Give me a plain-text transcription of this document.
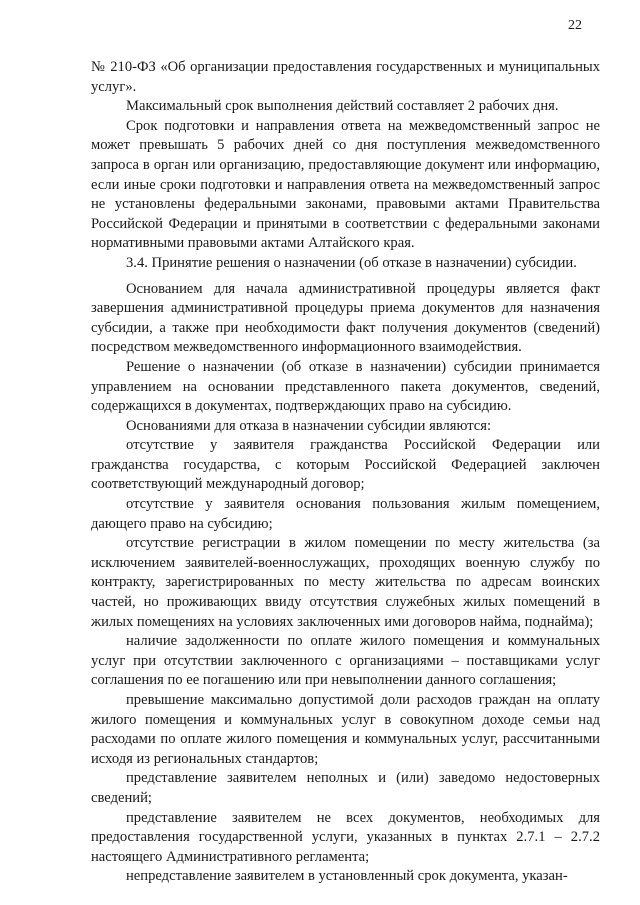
22

№ 210-ФЗ «Об организации предоставления государственных и муниципальных услуг».

Максимальный срок выполнения действий составляет 2 рабочих дня.

Срок подготовки и направления ответа на межведомственный запрос не может превышать 5 рабочих дней со дня поступления межведомственного запроса в орган или организацию, предоставляющие документ или информацию, если иные сроки подготовки и направления ответа на межведомственный запрос не установлены федеральными законами, правовыми актами Правительства Российской Федерации и принятыми в соответствии с федеральными законами нормативными правовыми актами Алтайского края.

3.4. Принятие решения о назначении (об отказе в назначении) субсидии.

Основанием для начала административной процедуры является факт завершения административной процедуры приема документов для назначения субсидии, а также при необходимости факт получения документов (сведений) посредством межведомственного информационного взаимодействия.

Решение о назначении (об отказе в назначении) субсидии принимается управлением на основании представленного пакета документов, сведений, содержащихся в документах, подтверждающих право на субсидию.

Основаниями для отказа в назначении субсидии являются:

отсутствие у заявителя гражданства Российской Федерации или гражданства государства, с которым Российской Федерацией заключен соответствующий международный договор;

отсутствие у заявителя основания пользования жилым помещением, дающего право на субсидию;

отсутствие регистрации в жилом помещении по месту жительства (за исключением заявителей-военнослужащих, проходящих военную службу по контракту, зарегистрированных по месту жительства по адресам воинских частей, но проживающих ввиду отсутствия служебных жилых помещений в жилых помещениях на условиях заключенных ими договоров найма, поднайма);

наличие задолженности по оплате жилого помещения и коммунальных услуг при отсутствии заключенного с организациями – поставщиками услуг соглашения по ее погашению или при невыполнении данного соглашения;

превышение максимально допустимой доли расходов граждан на оплату жилого помещения и коммунальных услуг в совокупном доходе семьи над расходами по оплате жилого помещения и коммунальных услуг, рассчитанными исходя из региональных стандартов;

представление заявителем неполных и (или) заведомо недостоверных сведений;

представление заявителем не всех документов, необходимых для предоставления государственной услуги, указанных в пунктах 2.7.1 – 2.7.2 настоящего Административного регламента;

непредставление заявителем в установленный срок документа, указан-
